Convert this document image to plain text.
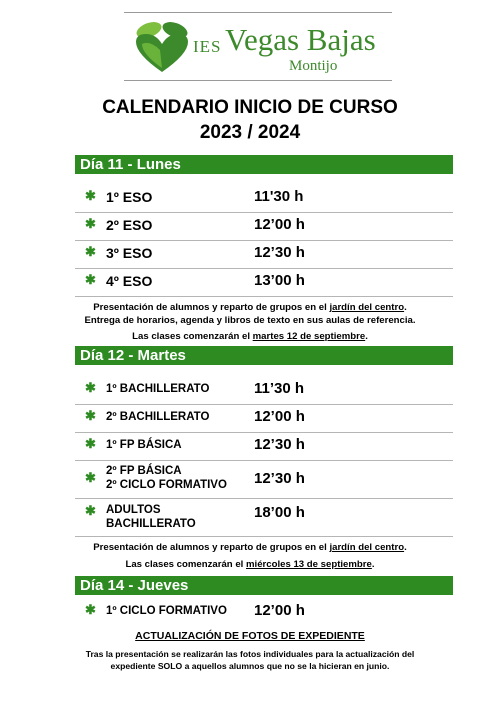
IES Vegas Bajas
Montijo
CALENDARIO INICIO DE CURSO
2023 / 2024
Día 11 - Lunes
✱ 1º ESO	11'30 h
✱ 2º ESO	12’00 h
✱ 3º ESO	12’30 h
✱ 4º ESO	13’00 h
Presentación de alumnos y reparto de grupos en el jardín del centro.
Entrega de horarios, agenda y libros de texto en sus aulas de referencia.
Las clases comenzarán el martes 12 de septiembre.
Día 12 - Martes
✱ 1º BACHILLERATO	11’30 h
✱ 2º BACHILLERATO	12’00 h
✱ 1º FP BÁSICA	12’30 h
✱ 2º FP BÁSICA
2º CICLO FORMATIVO 12’30 h
✱ ADULTOS
BACHILLERATO
18’00 h
Presentación de alumnos y reparto de grupos en el jardín del centro.
Las clases comenzarán el miércoles 13 de septiembre.
Día 14 - Jueves
✱ 1º CICLO FORMATIVO 12’00 h
ACTUALIZACIÓN DE FOTOS DE EXPEDIENTE
Tras la presentación se realizarán las fotos individuales para la actualización del
expediente SOLO a aquellos alumnos que no se la hicieran en junio.
